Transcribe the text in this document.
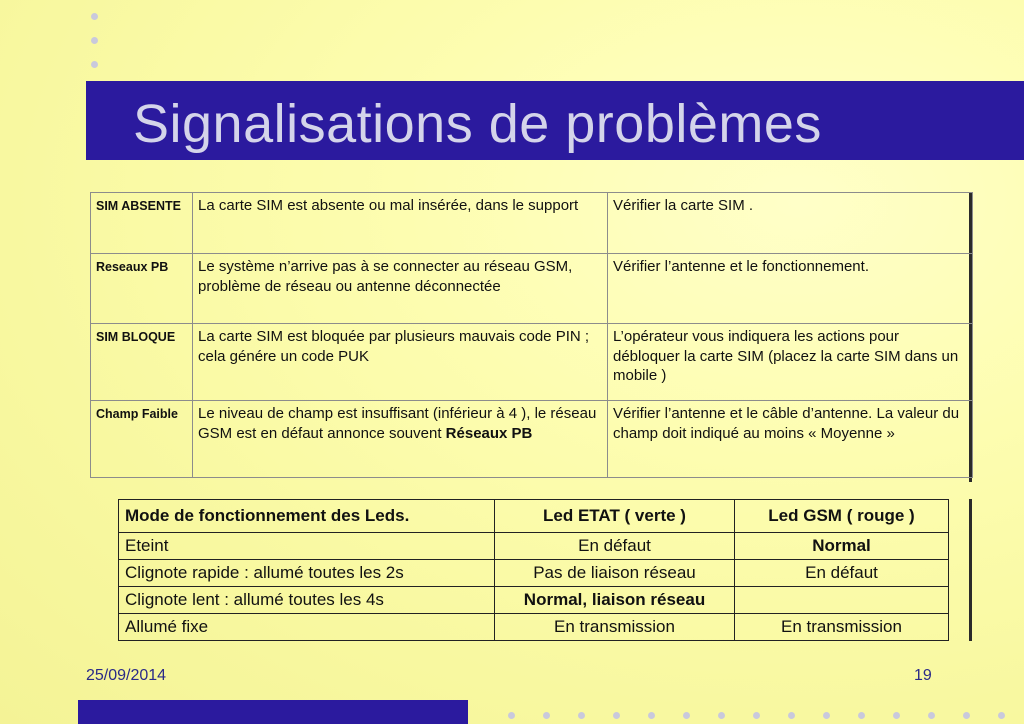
Signalisations de problèmes
SIM ABSENTE	La carte SIM est absente ou mal insérée, dans le support	Vérifier la carte SIM .
Reseaux PB	Le système n’arrive pas à se connecter au réseau GSM, problème de réseau ou antenne déconnectée	Vérifier l’antenne et le fonctionnement.
SIM BLOQUE	La carte SIM est bloquée par plusieurs mauvais code PIN ; cela génére un code PUK	L’opérateur vous indiquera les actions pour débloquer la carte SIM (placez la carte SIM dans un mobile )
Champ Faible	Le niveau de champ est insuffisant (inférieur à 4 ), le réseau GSM est en défaut annonce souvent Réseaux PB	Vérifier l’antenne et le câble d’antenne. La valeur du champ doit indiqué au moins « Moyenne »
Mode de fonctionnement des Leds.	Led ETAT ( verte )	Led GSM ( rouge )
Eteint	En défaut	Normal
Clignote rapide : allumé toutes les 2s	Pas de liaison réseau	En défaut
Clignote lent : allumé toutes les 4s	Normal, liaison réseau	
Allumé fixe	En transmission	En transmission
25/09/2014	19
